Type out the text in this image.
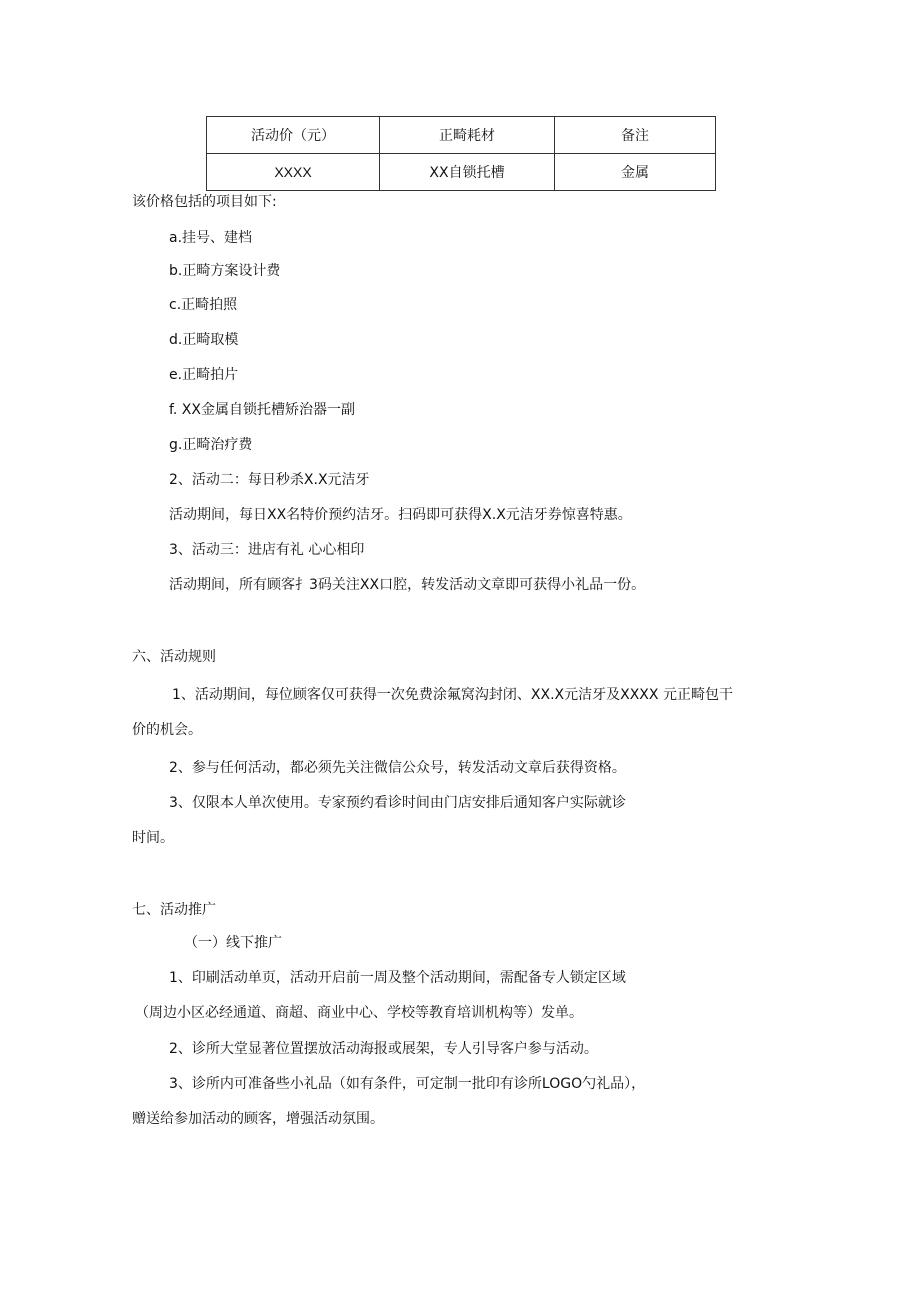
活动价（元）	正畸耗材	备注
XXXX	XX自锁托槽	金属
该价格包括的项目如下:
a.挂号、建档
b.正畸方案设计费
c.正畸拍照
d.正畸取模
e.正畸拍片
f. XX金属自锁托槽矫治器一副
g.正畸治疗费
2、活动二：每日秒杀X.X元洁牙
活动期间，每日XX名特价预约洁牙。扫码即可获得X.X元洁牙券惊喜特惠。
3、活动三：进店有礼 心心相印
活动期间，所有顾客扌3码关注XX口腔，转发活动文章即可获得小礼品一份。
六、活动规则
1、活动期间，每位顾客仅可获得一次免费涂氟窝沟封闭、XX.X元洁牙及XXXX 元正畸包干
价的机会。
2、参与任何活动，都必须先关注微信公众号，转发活动文章后获得资格。
3、仅限本人单次使用。专家预约看诊时间由门店安排后通知客户实际就诊
时间。
七、活动推广
（一）线下推广
1、印刷活动单页，活动开启前一周及整个活动期间，需配备专人锁定区域
（周边小区必经通道、商超、商业中心、学校等教育培训机构等）发单。
2、诊所大堂显著位置摆放活动海报或展架，专人引导客户参与活动。
3、诊所内可准备些小礼品（如有条件，可定制一批印有诊所LOGO勺礼品），
赠送给参加活动的顾客，增强活动氛围。
